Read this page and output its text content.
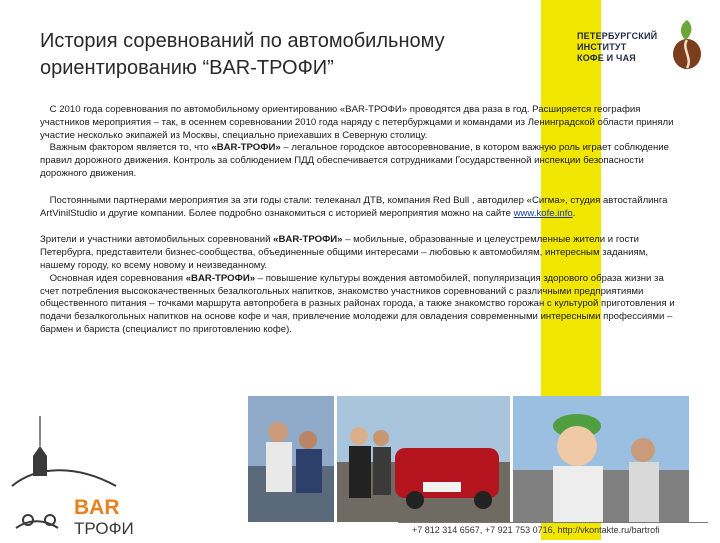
История соревнований по автомобильному ориентированию “BAR-ТРОФИ”
ПЕТЕРБУРГСКИЙ
ИНСТИТУТ
КОФЕ И ЧАЯ

 С 2010 года соревнования по автомобильному ориентированию «BAR-ТРОФИ» проводятся два раза в год. Расширяется география участников мероприятия – так, в осеннем соревновании 2010 года наряду с петербуржцами и командами из Ленинградской области приняли участие несколько экипажей из Москвы, специально приехавших в Северную столицу.

 Важным фактором является то, что «BAR-ТРОФИ» – легальное городское автосоревнование, в котором важную роль играет соблюдение правил дорожного движения. Контроль за соблюдением ПДД обеспечивается сотрудниками Государственной инспекции безопасности дорожного движения.

 Постоянными партнерами мероприятия за эти годы стали: телеканал ДТВ, компания Red Bull , автодилер «Сигма», студия автостайлинга ArtVinilStudio и другие компании. Более подробно ознакомиться с историей мероприятия можно на сайте www.kofe.info.

Зрители и участники автомобильных соревнований «BAR-ТРОФИ» – мобильные, образованные и целеустремленные жители и гости Петербурга, представители бизнес-сообщества, объединенные общими интересами – любовью к автомобилям, интересным заданиям, нашему городу, ко всему новому и неизведанному.

 Основная идея соревнования «BAR-ТРОФИ» – повышение культуры вождения автомобилей, популяризация здорового образа жизни за счет потребления высококачественных безалкогольных напитков, знакомство участников соревнований с различными предприятиями общественного питания – точками маршрута автопробега в разных районах города, а также знакомство горожан с культурой приготовления и подачи безалкогольных напитков на основе кофе и чая, привлечение молодежи для овладения современными интересными профессиями – бармен и бариста (специалист по приготовлению кофе).

+7 812 314 6567, +7 921 753 0716, http://vkontakte.ru/bartrofi
BAR
ТРОФИ
